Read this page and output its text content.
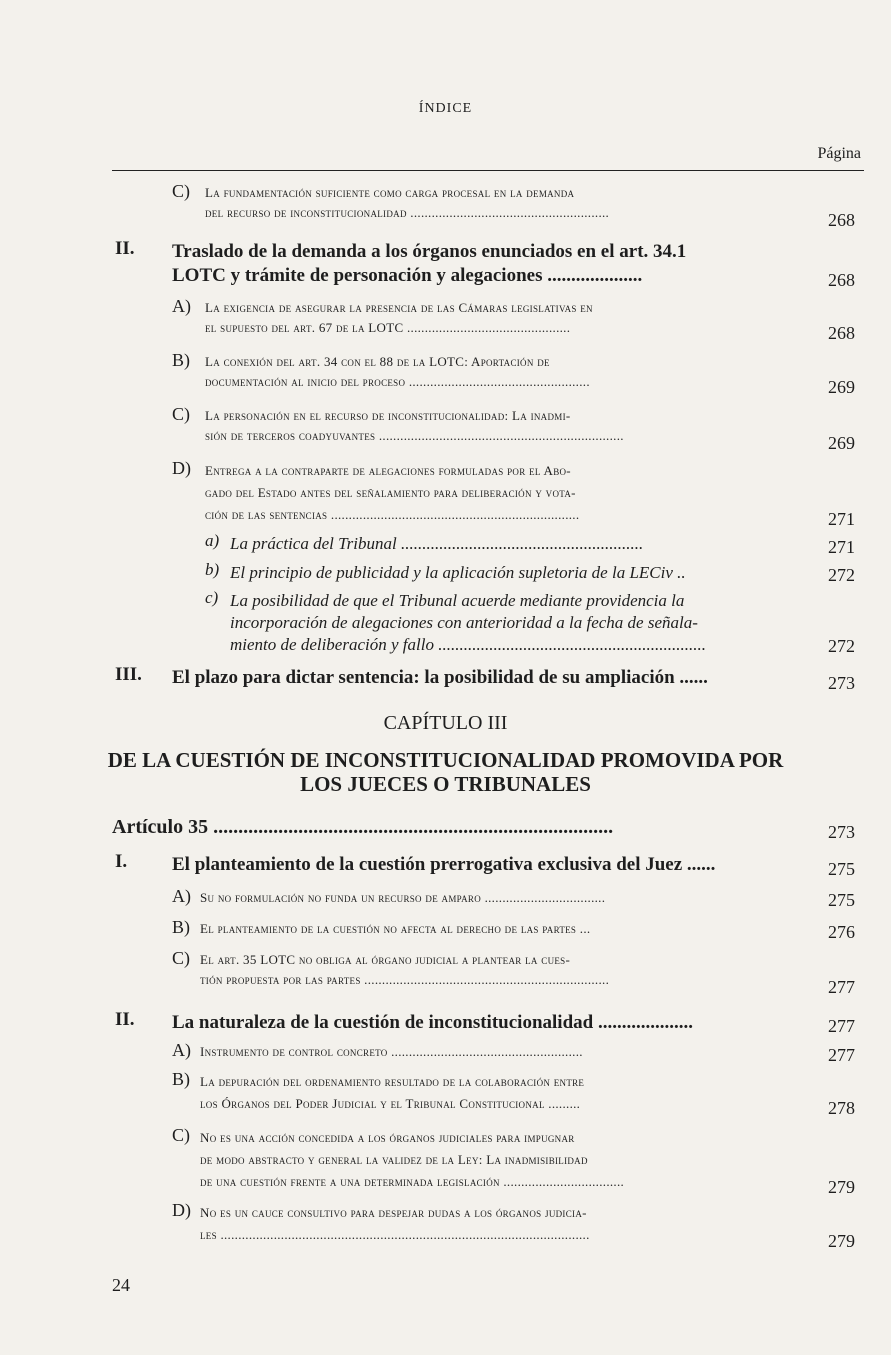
ÍNDICE
Página
C) La fundamentación suficiente como carga procesal en la demanda
del recurso de inconstitucionalidad ........................................................	268
II. Traslado de la demanda a los órganos enunciados en el art. 34.1
LOTC y trámite de personación y alegaciones ....................	268
A) La exigencia de asegurar la presencia de las Cámaras legislativas en
el supuesto del art. 67 de la LOTC ..............................................	268
B) La conexión del art. 34 con el 88 de la LOTC: Aportación de
documentación al inicio del proceso ...................................................	269
C) La personación en el recurso de inconstitucionalidad: La inadmi-
sión de terceros coadyuvantes .....................................................................	269
D) Entrega a la contraparte de alegaciones formuladas por el Abo-
gado del Estado antes del señalamiento para deliberación y vota-
ción de las sentencias ......................................................................	271
a) La práctica del Tribunal .........................................................	271
b) El principio de publicidad y la aplicación supletoria de la LECiv ..	272
c) La posibilidad de que el Tribunal acuerde mediante providencia la
incorporación de alegaciones con anterioridad a la fecha de señala-
miento de deliberación y fallo ...............................................................	272
III. El plazo para dictar sentencia: la posibilidad de su ampliación ......	273
Artículo 35 ................................................................................	273
I. El planteamiento de la cuestión prerrogativa exclusiva del Juez ......	275
A) Su no formulación no funda un recurso de amparo ..................................	275
B) El planteamiento de la cuestión no afecta al derecho de las partes ...	276
C) El art. 35 LOTC no obliga al órgano judicial a plantear la cues-
tión propuesta por las partes .....................................................................	277
II. La naturaleza de la cuestión de inconstitucionalidad ....................	277
A) Instrumento de control concreto ......................................................	277
B) La depuración del ordenamiento resultado de la colaboración entre
los Órganos del Poder Judicial y el Tribunal Constitucional .........	278
C) No es una acción concedida a los órganos judiciales para impugnar
de modo abstracto y general la validez de la Ley: La inadmisibilidad
de una cuestión frente a una determinada legislación ..................................	279
D) No es un cauce consultivo para despejar dudas a los órganos judicia-
les ........................................................................................................	279
CAPÍTULO III
DE LA CUESTIÓN DE INCONSTITUCIONALIDAD PROMOVIDA POR
LOS JUECES O TRIBUNALES
24
